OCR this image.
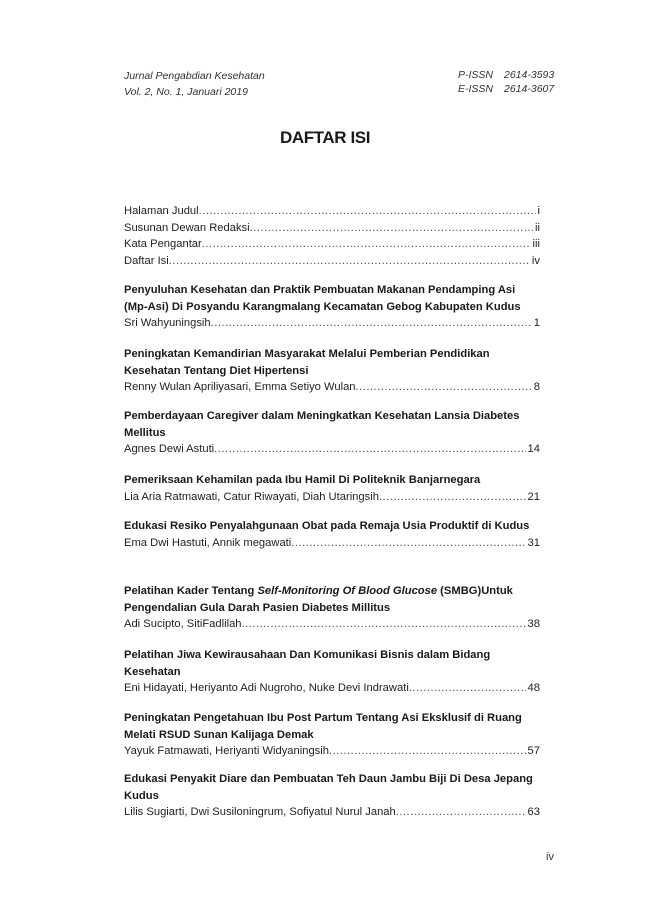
Jurnal Pengabdian Kesehatan
Vol. 2, No. 1, Januari 2019
P-ISSN 2614-3593
E-ISSN 2614-3607
DAFTAR ISI
Halaman Judul .....	i
Susunan Dewan Redaksi .....	ii
Kata Pengantar .....	iii
Daftar Isi .....	iv
Penyuluhan Kesehatan dan Praktik Pembuatan Makanan Pendamping Asi (Mp-Asi) Di Posyandu Karangmalang Kecamatan Gebog Kabupaten Kudus
Sri Wahyuningsih .....	1
Peningkatan Kemandirian Masyarakat Melalui Pemberian Pendidikan Kesehatan Tentang Diet Hipertensi
Renny Wulan Apriliyasari, Emma Setiyo Wulan .....	8
Pemberdayaan Caregiver dalam Meningkatkan Kesehatan Lansia Diabetes Mellitus
Agnes Dewi Astuti .....	14
Pemeriksaan Kehamilan pada Ibu Hamil Di Politeknik Banjarnegara
Lia Aria Ratmawati, Catur Riwayati, Diah Utaringsih .....	21
Edukasi Resiko Penyalahgunaan Obat pada Remaja Usia Produktif di Kudus
Ema Dwi Hastuti, Annik megawati .....	31
Pelatihan Kader Tentang Self-Monitoring Of Blood Glucose (SMBG)Untuk Pengendalian Gula Darah Pasien Diabetes Millitus
Adi Sucipto, SitiFadlilah .....	38
Pelatihan Jiwa Kewirausahaan Dan Komunikasi Bisnis dalam Bidang Kesehatan
Eni Hidayati, Heriyanto Adi Nugroho, Nuke Devi Indrawati .....	48
Peningkatan Pengetahuan Ibu Post Partum Tentang Asi Eksklusif di Ruang Melati RSUD Sunan Kalijaga Demak
Yayuk Fatmawati, Heriyanti Widyaningsih .....	57
Edukasi Penyakit Diare dan Pembuatan Teh Daun Jambu Biji Di Desa Jepang Kudus
Lilis Sugiarti, Dwi Susiloningrum, Sofiyatul Nurul Janah .....	63
iv
